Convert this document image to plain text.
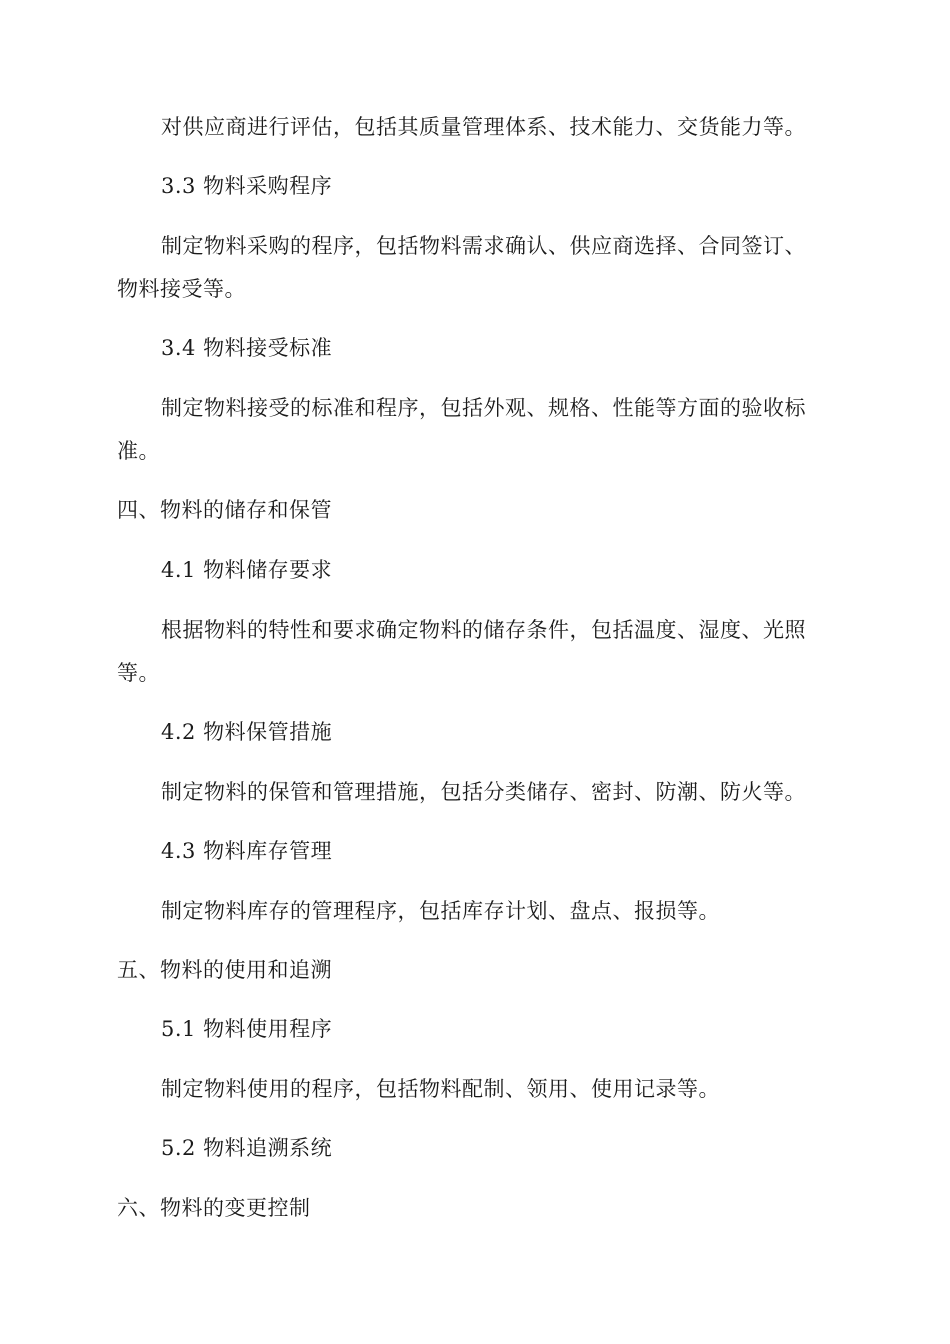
对供应商进行评估，包括其质量管理体系、技术能力、交货能力等。
3.3 物料采购程序
制定物料采购的程序，包括物料需求确认、供应商选择、合同签订、
物料接受等。
3.4 物料接受标准
制定物料接受的标准和程序，包括外观、规格、性能等方面的验收标
准。
四、物料的储存和保管
4.1 物料储存要求
根据物料的特性和要求确定物料的储存条件，包括温度、湿度、光照
等。
4.2 物料保管措施
制定物料的保管和管理措施，包括分类储存、密封、防潮、防火等。
4.3 物料库存管理
制定物料库存的管理程序，包括库存计划、盘点、报损等。
五、物料的使用和追溯
5.1 物料使用程序
制定物料使用的程序，包括物料配制、领用、使用记录等。
5.2 物料追溯系统
六、物料的变更控制
